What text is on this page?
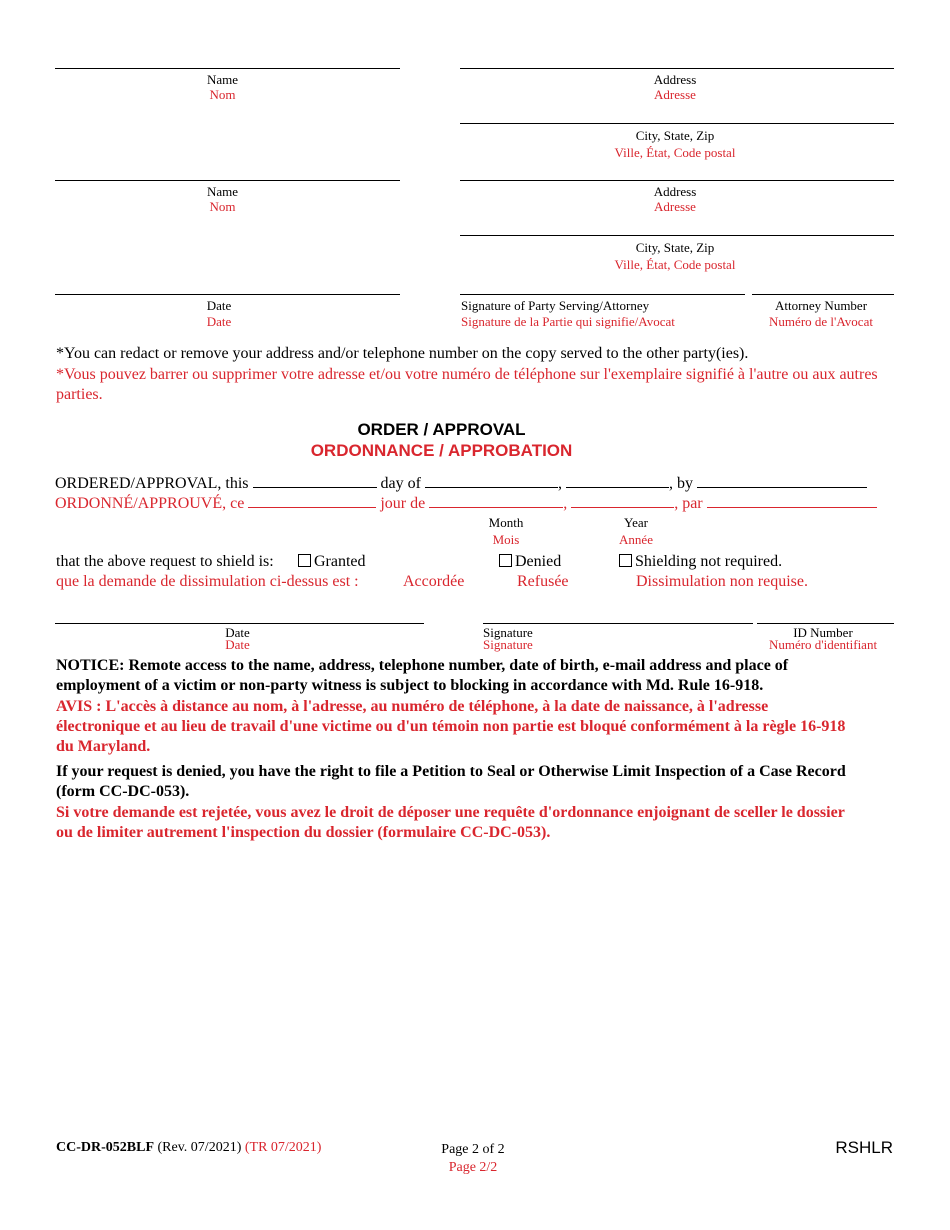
Name
Nom
Address
Adresse
City, State, Zip
Ville, État, Code postal
Name
Nom
Address
Adresse
City, State, Zip
Ville, État, Code postal
Date
Date
Signature of Party Serving/Attorney
Signature de la Partie qui signifie/Avocat
Attorney Number
Numéro de l'Avocat
*You can redact or remove your address and/or telephone number on the copy served to the other party(ies).
*Vous pouvez barrer ou supprimer votre adresse et/ou votre numéro de téléphone sur l'exemplaire signifié à l'autre ou aux autres parties.
ORDER / APPROVAL
ORDONNANCE / APPROBATION
ORDERED/APPROVAL, this	day of	,	, by
ORDONNÉ/APPROUVÉ, ce	jour de	,	, par
Month
Mois
Year
Année
that the above request to shield is:	Granted	Denied	Shielding not required.
que la demande de dissimulation ci-dessus est :	Accordée	Refusée	Dissimulation non requise.
Date
Date
Signature
Signature
ID Number
Numéro d'identifiant
NOTICE: Remote access to the name, address, telephone number, date of birth, e-mail address and place of employment of a victim or non-party witness is subject to blocking in accordance with Md. Rule 16-918.
AVIS : L'accès à distance au nom, à l'adresse, au numéro de téléphone, à la date de naissance, à l'adresse électronique et au lieu de travail d'une victime ou d'un témoin non partie est bloqué conformément à la règle 16-918 du Maryland.
If your request is denied, you have the right to file a Petition to Seal or Otherwise Limit Inspection of a Case Record (form CC-DC-053).
Si votre demande est rejetée, vous avez le droit de déposer une requête d'ordonnance enjoignant de sceller le dossier ou de limiter autrement l'inspection du dossier (formulaire CC-DC-053).
CC-DR-052BLF (Rev. 07/2021) (TR 07/2021)	Page 2 of 2
Page 2/2
RSHLR
